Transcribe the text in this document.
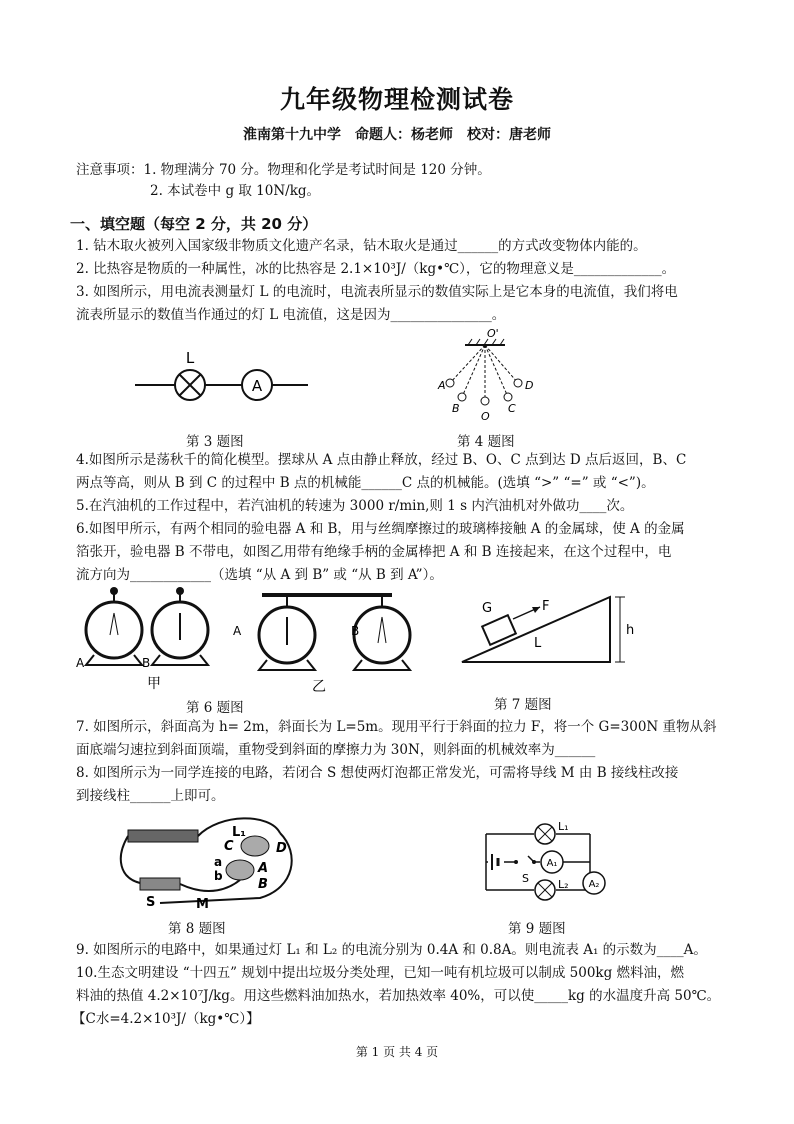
九年级物理检测试卷
淮南第十九中学　命题人：杨老师　校对：唐老师
注意事项：1. 物理满分 70 分。物理和化学是考试时间是 120 分钟。
2. 本试卷中 g 取 10N/kg。
一、填空题（每空 2 分，共 20 分）
1. 钻木取火被列入国家级非物质文化遗产名录，钻木取火是通过______的方式改变物体内能的。
2. 比热容是物质的一种属性，冰的比热容是 2.1×10³J/（kg•℃），它的物理意义是_____________。
3. 如图所示，用电流表测量灯 L 的电流时，电流表所显示的数值实际上是它本身的电流值，我们将电
流表所显示的数值当作通过的灯 L 电流值，这是因为_______________。
L
A
第 3 题图
O'
A
B
O
C
D
第 4 题图
4.如图所示是荡秋千的简化模型。摆球从 A 点由静止释放，经过 B、O、C 点到达 D 点后返回，B、C
两点等高，则从 B 到 C 的过程中 B 点的机械能______C 点的机械能。(选填 “>” “=” 或 “<”)。
5.在汽油机的工作过程中，若汽油机的转速为 3000 r/min,则 1 s 内汽油机对外做功____次。
6.如图甲所示，有两个相同的验电器 A 和 B，用与丝绸摩擦过的玻璃棒接触 A 的金属球，使 A 的金属
箔张开，验电器 B 不带电，如图乙用带有绝缘手柄的金属棒把 A 和 B 连接起来，在这个过程中，电
流方向为____________（选填 “从 A 到 B” 或 “从 B 到 A”）。
A	B
A	B
甲	乙
第 6 题图
G	F
L
h
第 7 题图
7. 如图所示，斜面高为 h= 2m，斜面长为 L=5m。现用平行于斜面的拉力 F，将一个 G=300N 重物从斜
面底端匀速拉到斜面顶端，重物受到斜面的摩擦力为 30N，则斜面的机械效率为______
8. 如图所示为一同学连接的电路，若闭合 S 想使两灯泡都正常发光，可需将导线 M 由 B 接线柱改接
到接线柱______上即可。
L₁
C	D
a
b	A
B
S	M
第 8 题图
L₁
L₂
A₁
A₂
S
第 9 题图
9. 如图所示的电路中，如果通过灯 L₁ 和 L₂ 的电流分别为 0.4A 和 0.8A。则电流表 A₁ 的示数为____A。
10.生态文明建设 “十四五” 规划中提出垃圾分类处理，已知一吨有机垃圾可以制成 500kg 燃料油，燃
料油的热值 4.2×10⁷J/kg。用这些燃料油加热水，若加热效率 40%，可以使_____kg 的水温度升高 50℃。
【C水=4.2×10³J/（kg•℃）】
第 1 页 共 4 页
